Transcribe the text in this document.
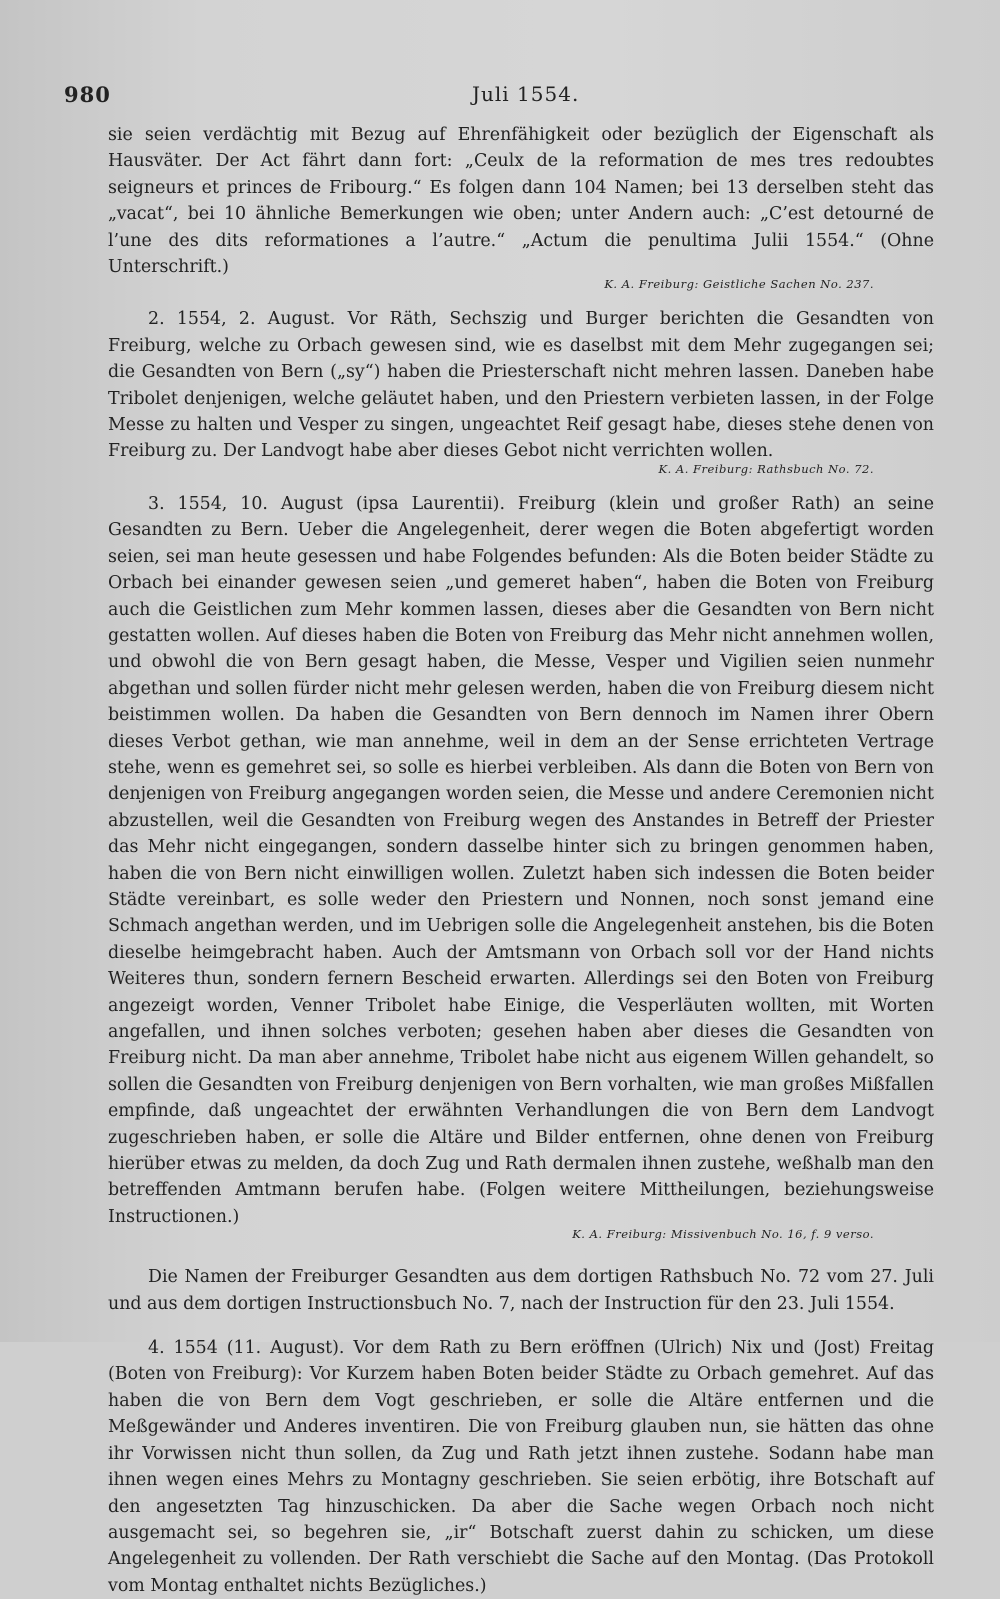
980	Juli 1554.

sie seien verdächtig mit Bezug auf Ehrenfähigkeit oder bezüglich der Eigenschaft als Hausväter. Der Act fährt dann fort: „Ceulx de la reformation de mes tres redoubtes seigneurs et princes de Fribourg.“ Es folgen dann 104 Namen; bei 13 derselben steht das „vacat“, bei 10 ähnliche Bemerkungen wie oben; unter Andern auch: „C’est detourné de l’une des dits reformationes a l’autre.“ „Actum die penultima Julii 1554.“ (Ohne Unterschrift.)

K. A. Freiburg: Geistliche Sachen No. 237.

2. 1554, 2. August. Vor Räth, Sechszig und Burger berichten die Gesandten von Freiburg, welche zu Orbach gewesen sind, wie es daselbst mit dem Mehr zugegangen sei; die Gesandten von Bern („sy“) haben die Priesterschaft nicht mehren lassen. Daneben habe Tribolet denjenigen, welche geläutet haben, und den Priestern verbieten lassen, in der Folge Messe zu halten und Vesper zu singen, ungeachtet Reif gesagt habe, dieses stehe denen von Freiburg zu. Der Landvogt habe aber dieses Gebot nicht verrichten wollen.

K. A. Freiburg: Rathsbuch No. 72.

3. 1554, 10. August (ipsa Laurentii). Freiburg (klein und großer Rath) an seine Gesandten zu Bern. Ueber die Angelegenheit, derer wegen die Boten abgefertigt worden seien, sei man heute gesessen und habe Folgendes befunden: Als die Boten beider Städte zu Orbach bei einander gewesen seien „und gemeret haben“, haben die Boten von Freiburg auch die Geistlichen zum Mehr kommen lassen, dieses aber die Gesandten von Bern nicht gestatten wollen. Auf dieses haben die Boten von Freiburg das Mehr nicht annehmen wollen, und obwohl die von Bern gesagt haben, die Messe, Vesper und Vigilien seien nunmehr abgethan und sollen fürder nicht mehr gelesen werden, haben die von Freiburg diesem nicht beistimmen wollen. Da haben die Gesandten von Bern dennoch im Namen ihrer Obern dieses Verbot gethan, wie man annehme, weil in dem an der Sense errichteten Vertrage stehe, wenn es gemehret sei, so solle es hierbei verbleiben. Als dann die Boten von Bern von denjenigen von Freiburg angegangen worden seien, die Messe und andere Ceremonien nicht abzustellen, weil die Gesandten von Freiburg wegen des Anstandes in Betreff der Priester das Mehr nicht eingegangen, sondern dasselbe hinter sich zu bringen genommen haben, haben die von Bern nicht einwilligen wollen. Zuletzt haben sich indessen die Boten beider Städte vereinbart, es solle weder den Priestern und Nonnen, noch sonst jemand eine Schmach angethan werden, und im Uebrigen solle die Angelegenheit anstehen, bis die Boten dieselbe heimgebracht haben. Auch der Amtsmann von Orbach soll vor der Hand nichts Weiteres thun, sondern fernern Bescheid erwarten. Allerdings sei den Boten von Freiburg angezeigt worden, Venner Tribolet habe Einige, die Vesperläuten wollten, mit Worten angefallen, und ihnen solches verboten; gesehen haben aber dieses die Gesandten von Freiburg nicht. Da man aber annehme, Tribolet habe nicht aus eigenem Willen gehandelt, so sollen die Gesandten von Freiburg denjenigen von Bern vorhalten, wie man großes Mißfallen empfinde, daß ungeachtet der erwähnten Verhandlungen die von Bern dem Landvogt zugeschrieben haben, er solle die Altäre und Bilder entfernen, ohne denen von Freiburg hierüber etwas zu melden, da doch Zug und Rath dermalen ihnen zustehe, weßhalb man den betreffenden Amtmann berufen habe. (Folgen weitere Mittheilungen, beziehungsweise Instructionen.)

K. A. Freiburg: Missivenbuch No. 16, f. 9 verso.

Die Namen der Freiburger Gesandten aus dem dortigen Rathsbuch No. 72 vom 27. Juli und aus dem dortigen Instructionsbuch No. 7, nach der Instruction für den 23. Juli 1554.

4. 1554 (11. August). Vor dem Rath zu Bern eröffnen (Ulrich) Nix und (Jost) Freitag (Boten von Freiburg): Vor Kurzem haben Boten beider Städte zu Orbach gemehret. Auf das haben die von Bern dem Vogt geschrieben, er solle die Altäre entfernen und die Meßgewänder und Anderes inventiren. Die von Freiburg glauben nun, sie hätten das ohne ihr Vorwissen nicht thun sollen, da Zug und Rath jetzt ihnen zustehe. Sodann habe man ihnen wegen eines Mehrs zu Montagny geschrieben. Sie seien erbötig, ihre Botschaft auf den angesetzten Tag hinzuschicken. Da aber die Sache wegen Orbach noch nicht ausgemacht sei, so begehren sie, „ir“ Botschaft zuerst dahin zu schicken, um diese Angelegenheit zu vollenden. Der Rath verschiebt die Sache auf den Montag. (Das Protokoll vom Montag enthaltet nichts Bezügliches.)
